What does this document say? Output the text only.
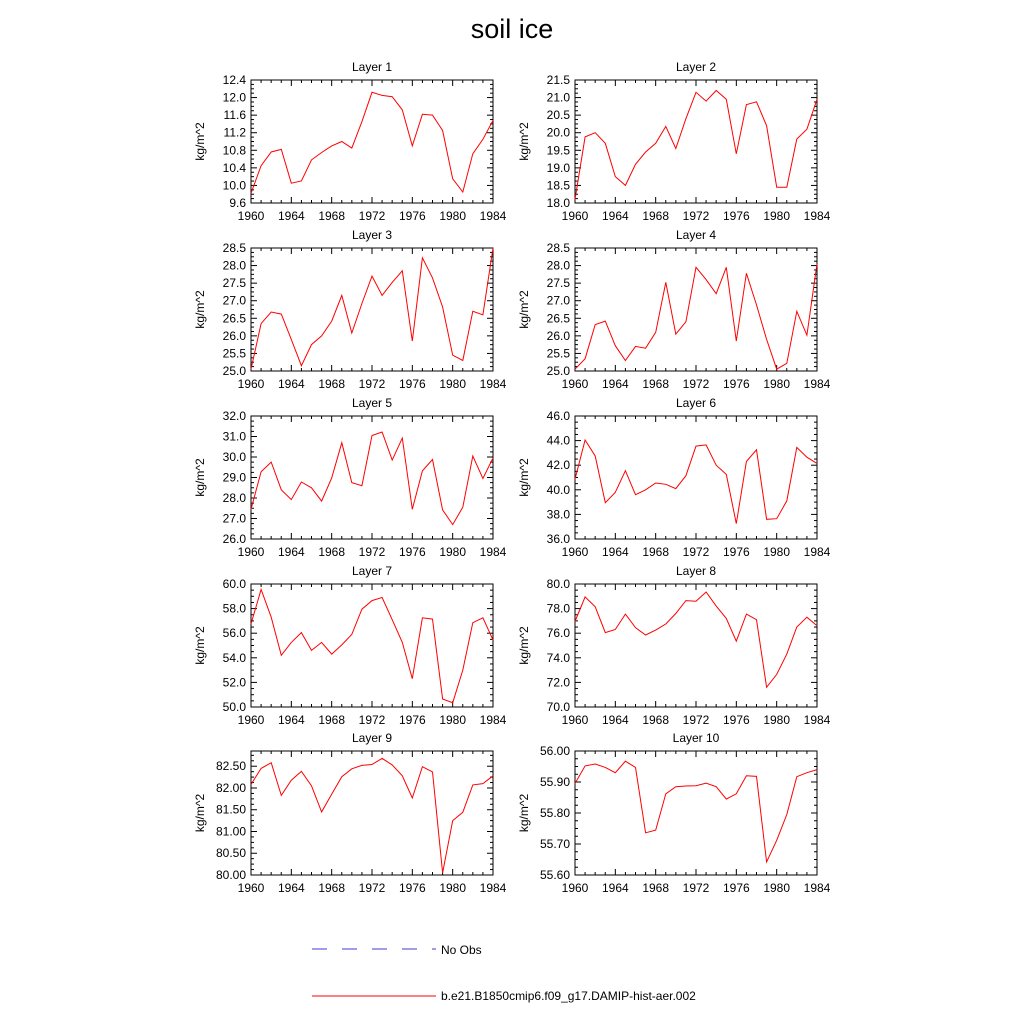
soil ice
1960 1964 1968 1972 1976 1980 1984
9.6
10.0
10.4
10.8
11.2
11.6
12.0
12.4
Layer 1
kg/m^2
1960 1964 1968 1972 1976 1980 1984
18.0
18.5
19.0
19.5
20.0
20.5
21.0
21.5
Layer 2
kg/m^2
1960 1964 1968 1972 1976 1980 1984
25.0
25.5
26.0
26.5
27.0
27.5
28.0
28.5
Layer 3
kg/m^2
1960 1964 1968 1972 1976 1980 1984
25.0
25.5
26.0
26.5
27.0
27.5
28.0
28.5
Layer 4
kg/m^2
1960 1964 1968 1972 1976 1980 1984
26.0
27.0
28.0
29.0
30.0
31.0
32.0
Layer 5
kg/m^2
1960 1964 1968 1972 1976 1980 1984
36.0
38.0
40.0
42.0
44.0
46.0
Layer 6
kg/m^2
1960 1964 1968 1972 1976 1980 1984
50.0
52.0
54.0
56.0
58.0
60.0
Layer 7
kg/m^2
1960 1964 1968 1972 1976 1980 1984
70.0
72.0
74.0
76.0
78.0
80.0
Layer 8
kg/m^2
1960 1964 1968 1972 1976 1980 1984
80.00
80.50
81.00
81.50
82.00
82.50
Layer 9
kg/m^2
1960 1964 1968 1972 1976 1980 1984
55.60
55.70
55.80
55.90
56.00
Layer 10
kg/m^2
No Obs
b.e21.B1850cmip6.f09_g17.DAMIP-hist-aer.002
